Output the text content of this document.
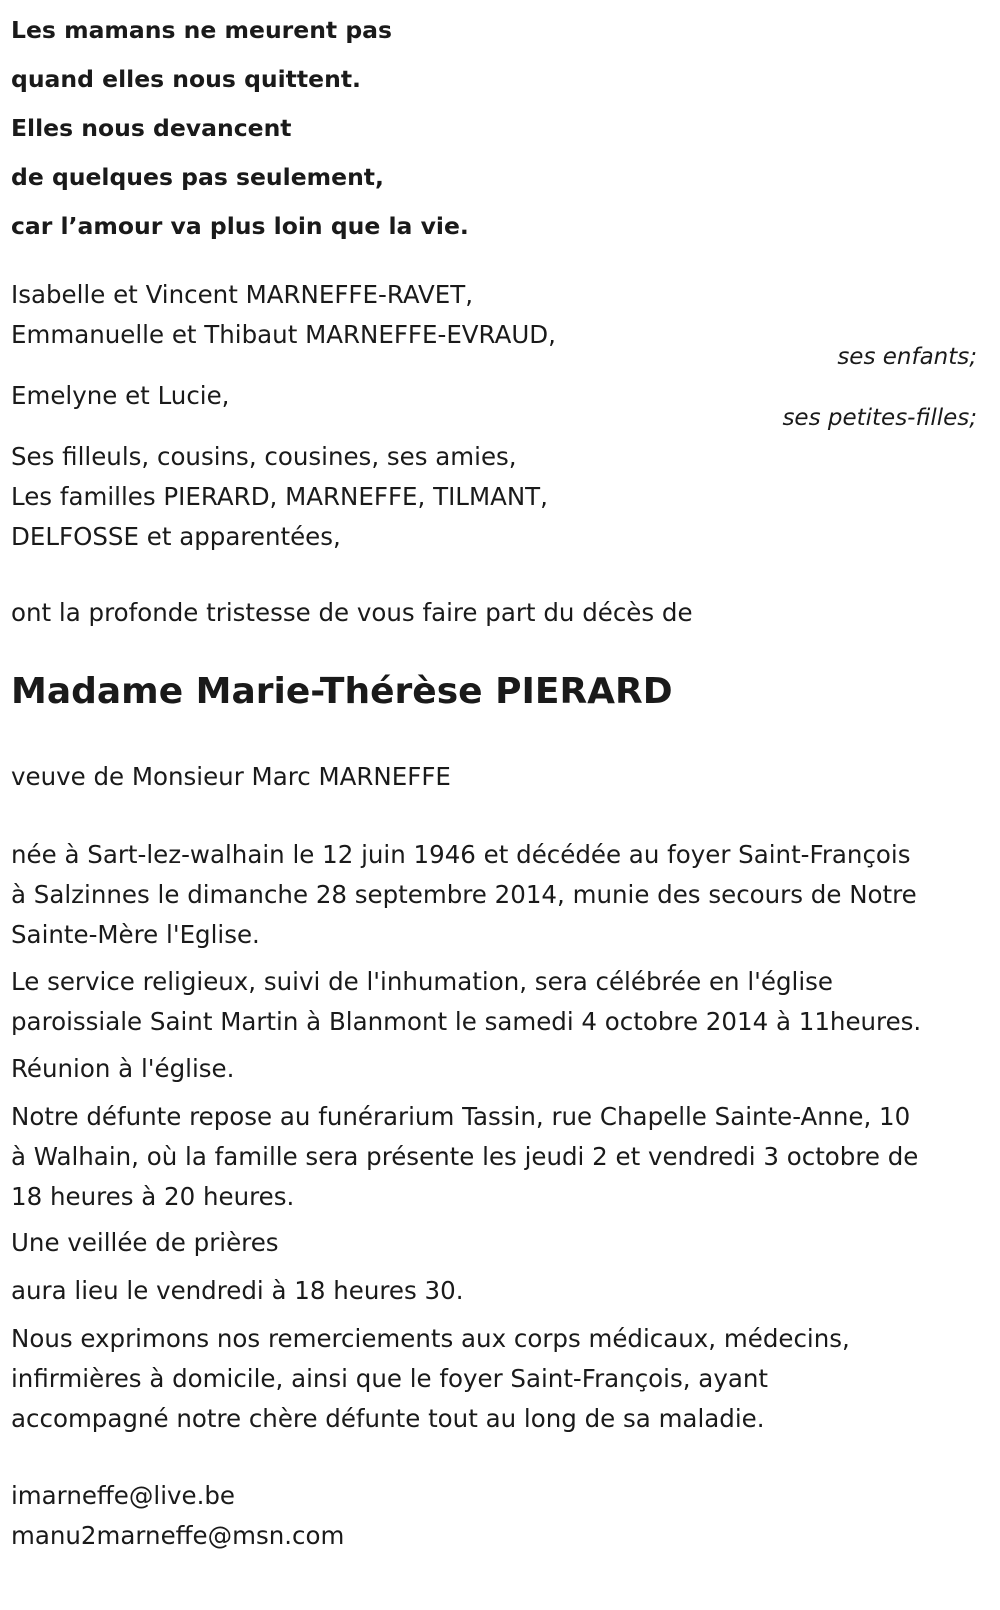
Les mamans ne meurent pas
quand elles nous quittent.
Elles nous devancent
de quelques pas seulement,
car l’amour va plus loin que la vie.
Isabelle et Vincent MARNEFFE-RAVET,
Emmanuelle et Thibaut MARNEFFE-EVRAUD,
ses enfants;
Emelyne et Lucie,
ses petites-filles;
Ses filleuls, cousins, cousines, ses amies,
Les familles PIERARD, MARNEFFE, TILMANT,
DELFOSSE et apparentées,
ont la profonde tristesse de vous faire part du décès de
Madame Marie-Thérèse PIERARD
veuve de Monsieur Marc MARNEFFE
née à Sart-lez-walhain le 12 juin 1946 et décédée au foyer Saint-François
à Salzinnes le dimanche 28 septembre 2014, munie des secours de Notre
Sainte-Mère l'Eglise.
Le service religieux, suivi de l'inhumation, sera célébrée en l'église
paroissiale Saint Martin à Blanmont le samedi 4 octobre 2014 à 11heures.
Réunion à l'église.
Notre défunte repose au funérarium Tassin, rue Chapelle Sainte-Anne, 10
à Walhain, où la famille sera présente les jeudi 2 et vendredi 3 octobre de
18 heures à 20 heures.
Une veillée de prières
aura lieu le vendredi à 18 heures 30.
Nous exprimons nos remerciements aux corps médicaux, médecins,
infirmières à domicile, ainsi que le foyer Saint-François, ayant
accompagné notre chère défunte tout au long de sa maladie.
imarneffe@live.be
manu2marneffe@msn.com
